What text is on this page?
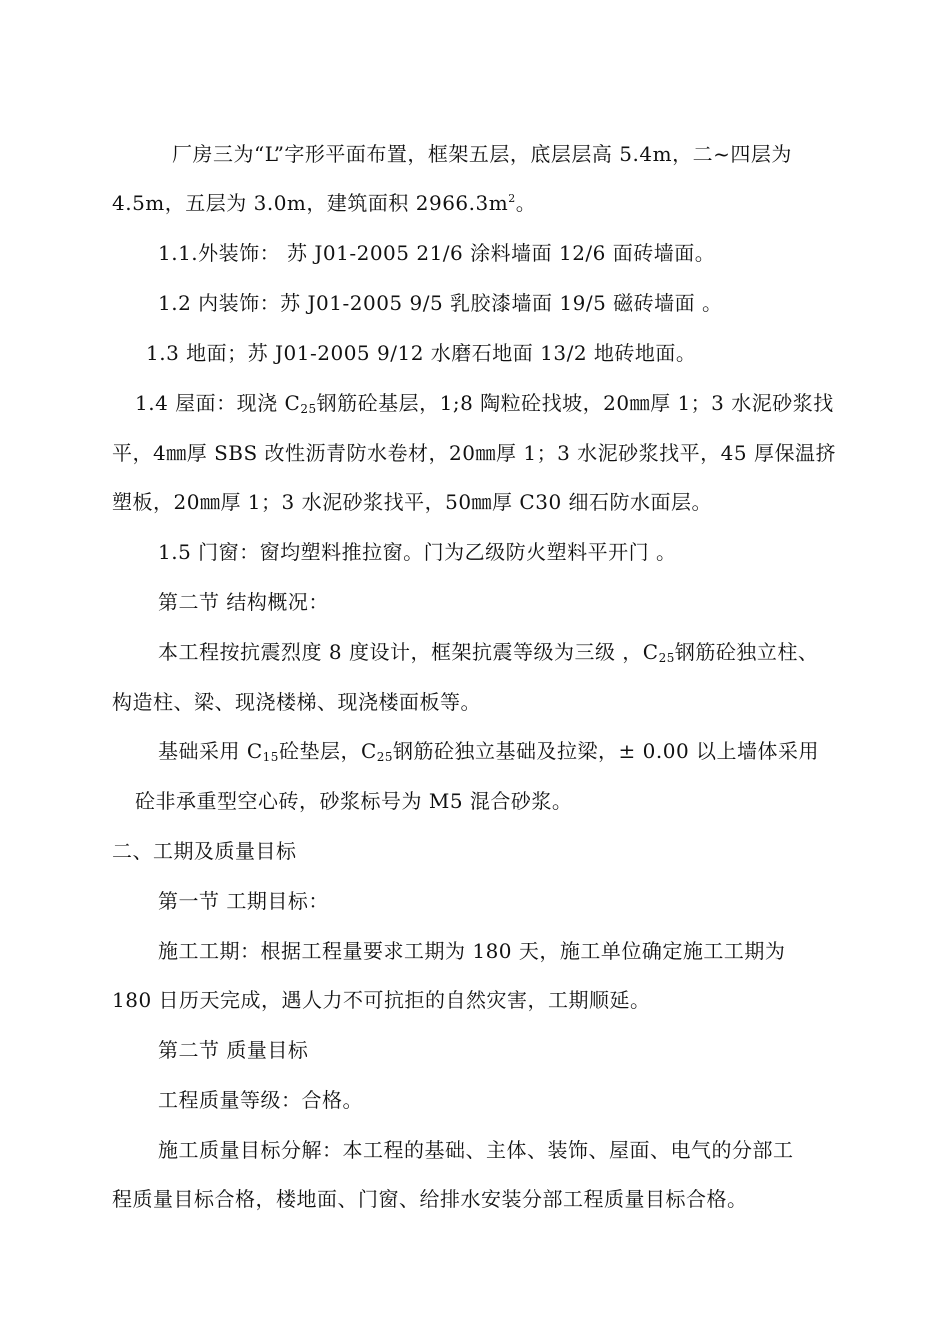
厂房三为“L”字形平面布置，框架五层，底层层高 5.4m，二~四层为
4.5m，五层为 3.0m，建筑面积 $2966.3m^2$。
1.1.外装饰： 苏 J01-2005 21/6 涂料墙面 12/6 面砖墙面。
1.2 内装饰：苏 J01-2005 9/5 乳胶漆墙面 19/5 磁砖墙面 。
1.3 地面；苏 J01-2005 9/12 水磨石地面 13/2 地砖地面。
1.4 屋面：现浇 $C_{25}$钢筋砼基层，1;8 陶粒砼找坡，20㎜厚 1；3 水泥砂浆找
平，4㎜厚 SBS 改性沥青防水卷材，20㎜厚 1；3 水泥砂浆找平，45 厚保温挤
塑板，20㎜厚 1；3 水泥砂浆找平，50㎜厚 C30 细石防水面层。
1.5 门窗：窗均塑料推拉窗。门为乙级防火塑料平开门 。
第二节 结构概况：
本工程按抗震烈度 8 度设计，框架抗震等级为三级 ，$C_{25}$钢筋砼独立柱、
构造柱、梁、现浇楼梯、现浇楼面板等。
基础采用 $C_{15}$砼垫层，$C_{25}$钢筋砼独立基础及拉梁，± 0.00 以上墙体采用
砼非承重型空心砖，砂浆标号为 M5 混合砂浆。
二、工期及质量目标
第一节 工期目标：
施工工期：根据工程量要求工期为 180 天，施工单位确定施工工期为
180 日历天完成，遇人力不可抗拒的自然灾害，工期顺延。
第二节 质量目标
工程质量等级：合格。
施工质量目标分解：本工程的基础、主体、装饰、屋面、电气的分部工
程质量目标合格，楼地面、门窗、给排水安装分部工程质量目标合格。
